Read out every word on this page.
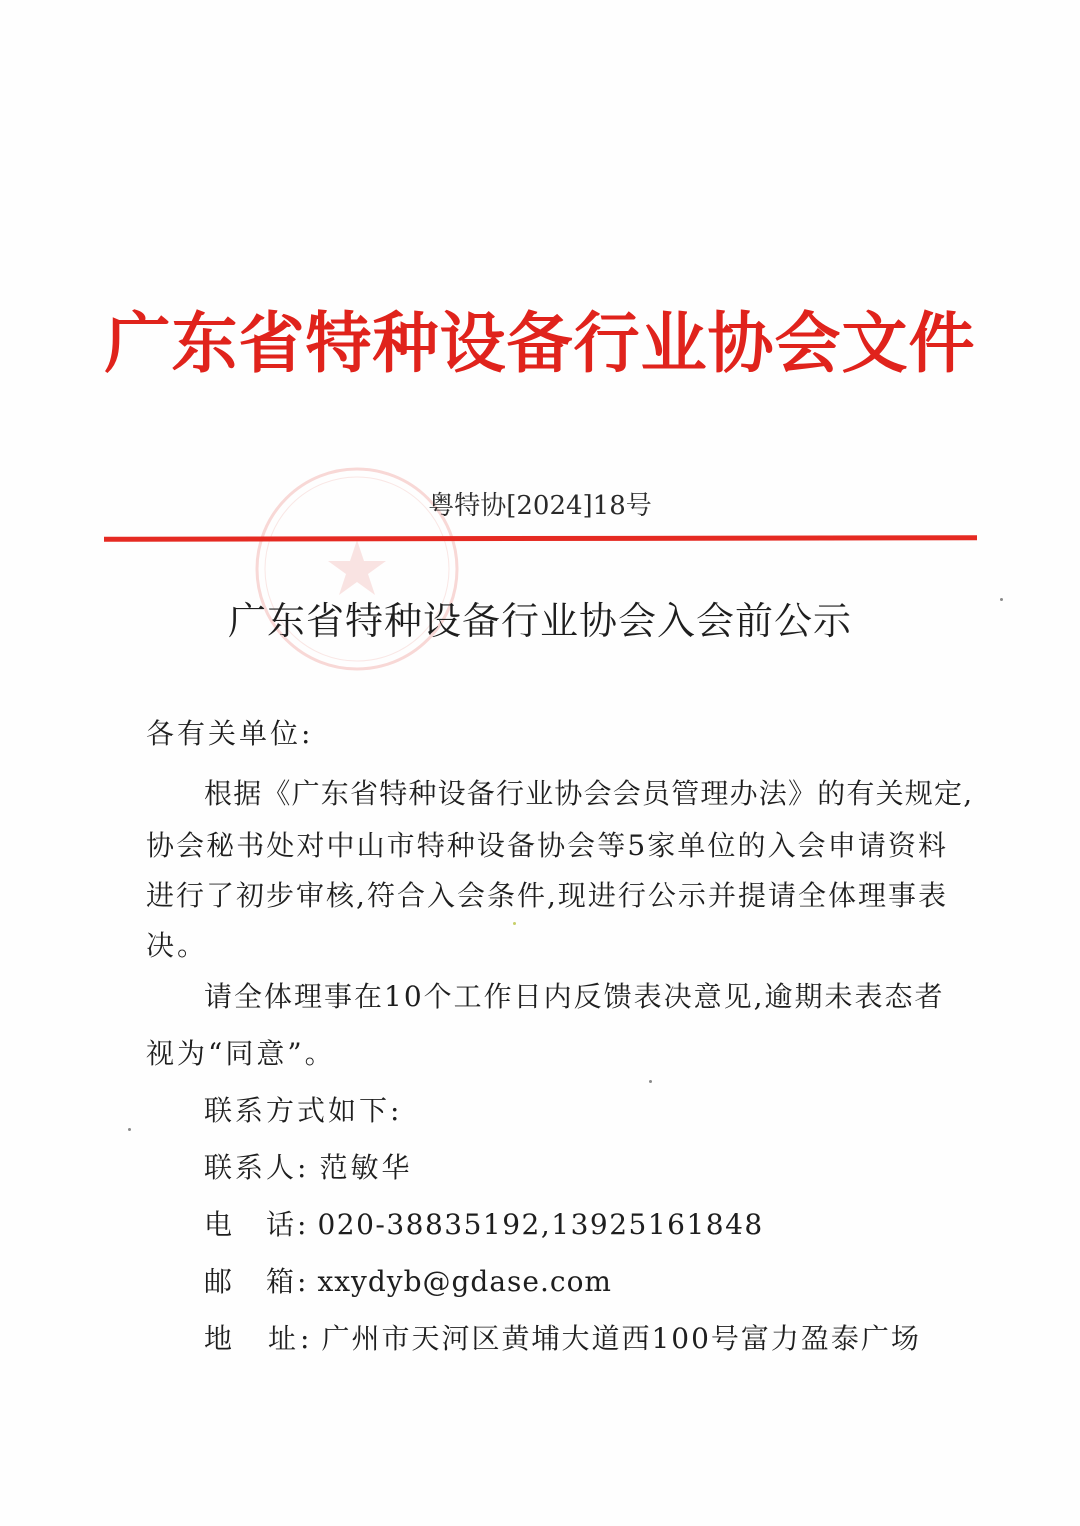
广东省特种设备行业协会文件
粤特协[2024]18号
广东省特种设备行业协会入会前公示
各有关单位:
根据《广东省特种设备行业协会会员管理办法》的有关规定,
协会秘书处对中山市特种设备协会等5家单位的入会申请资料
进行了初步审核,符合入会条件,现进行公示并提请全体理事表
决。
请全体理事在10个工作日内反馈表决意见,逾期未表态者
视为“同意”。
联系方式如下:
联系人: 范敏华
电　话: 020-38835192,13925161848
邮　箱: xxydyb@gdase.com
地　址: 广州市天河区黄埔大道西100号富力盈泰广场
